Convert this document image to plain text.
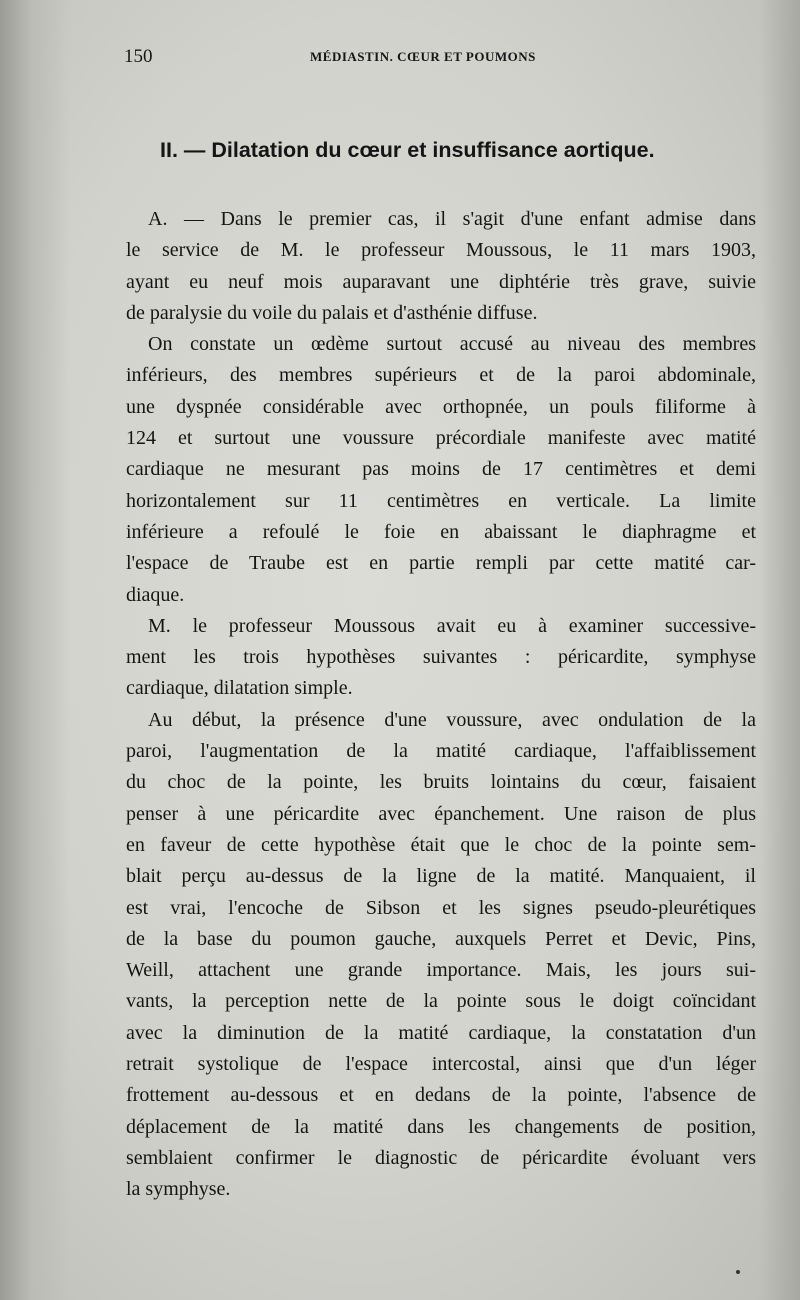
150	MÉDIASTIN. CŒUR ET POUMONS
II. — Dilatation du cœur et insuffisance aortique.
A. — Dans le premier cas, il s'agit d'une enfant admise dans
le service de M. le professeur Moussous, le 11 mars 1903,
ayant eu neuf mois auparavant une diphtérie très grave, suivie
de paralysie du voile du palais et d'asthénie diffuse.
On constate un œdème surtout accusé au niveau des membres
inférieurs, des membres supérieurs et de la paroi abdominale,
une dyspnée considérable avec orthopnée, un pouls filiforme à
124 et surtout une voussure précordiale manifeste avec matité
cardiaque ne mesurant pas moins de 17 centimètres et demi
horizontalement sur 11 centimètres en verticale. La limite
inférieure a refoulé le foie en abaissant le diaphragme et
l'espace de Traube est en partie rempli par cette matité car-
diaque.
M. le professeur Moussous avait eu à examiner successive-
ment les trois hypothèses suivantes : péricardite, symphyse
cardiaque, dilatation simple.
Au début, la présence d'une voussure, avec ondulation de la
paroi, l'augmentation de la matité cardiaque, l'affaiblissement
du choc de la pointe, les bruits lointains du cœur, faisaient
penser à une péricardite avec épanchement. Une raison de plus
en faveur de cette hypothèse était que le choc de la pointe sem-
blait perçu au-dessus de la ligne de la matité. Manquaient, il
est vrai, l'encoche de Sibson et les signes pseudo-pleurétiques
de la base du poumon gauche, auxquels Perret et Devic, Pins,
Weill, attachent une grande importance. Mais, les jours sui-
vants, la perception nette de la pointe sous le doigt coïncidant
avec la diminution de la matité cardiaque, la constatation d'un
retrait systolique de l'espace intercostal, ainsi que d'un léger
frottement au-dessous et en dedans de la pointe, l'absence de
déplacement de la matité dans les changements de position,
semblaient confirmer le diagnostic de péricardite évoluant vers
la symphyse.
